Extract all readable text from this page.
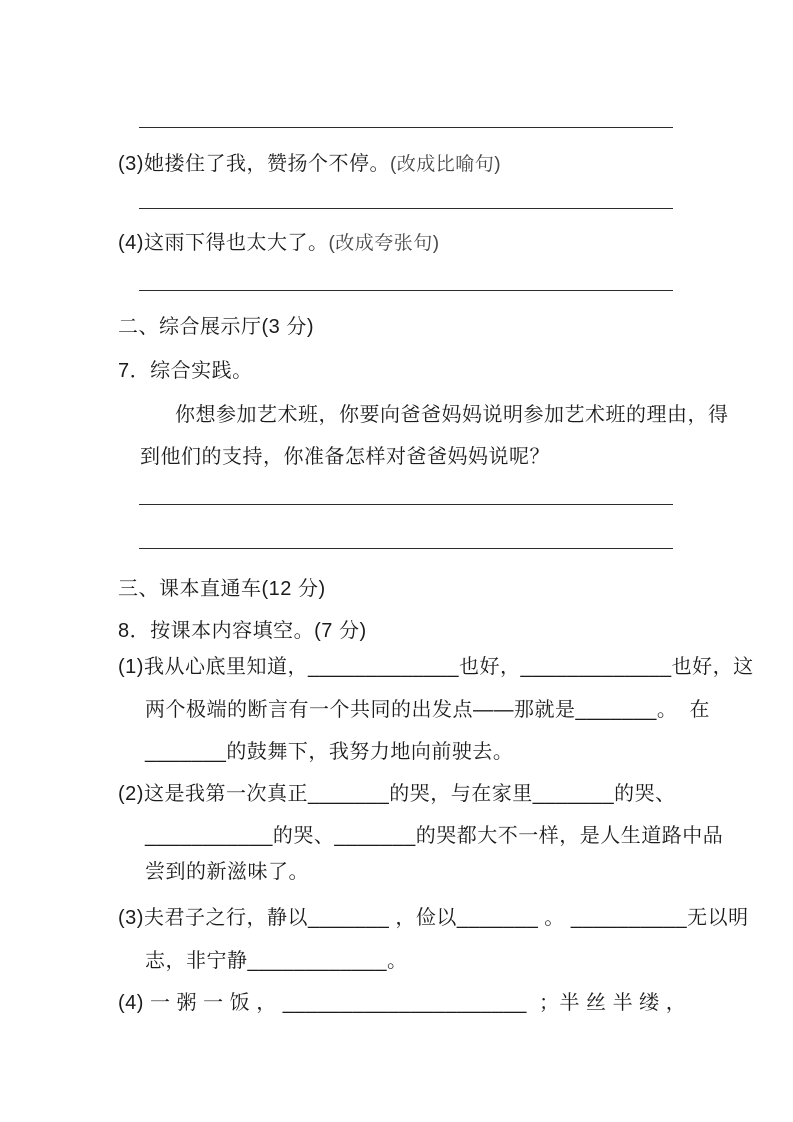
(3)她搂住了我，赞扬个不停。(改成比喻句)
(4)这雨下得也太大了。(改成夸张句)
二、综合展示厅(3 分)
7．综合实践。
你想参加艺术班，你要向爸爸妈妈说明参加艺术班的理由，得
到他们的支持，你准备怎样对爸爸妈妈说呢？
三、课本直通车(12 分)
8．按课本内容填空。(7 分)
(1)我从心底里知道，_____________也好，_____________也好，这
两个极端的断言有一个共同的出发点——那就是_______。  在
_______的鼓舞下，我努力地向前驶去。
(2)这是我第一次真正_______的哭，与在家里_______的哭、
___________的哭、_______的哭都大不一样，是人生道路中品
尝到的新滋味了。
(3)夫君子之行，静以_______ ，俭以_______ 。 __________无以明
志，非宁静____________。
(4) 一 粥 一 饭 ， _____________________  ；半 丝 半 缕 ，
